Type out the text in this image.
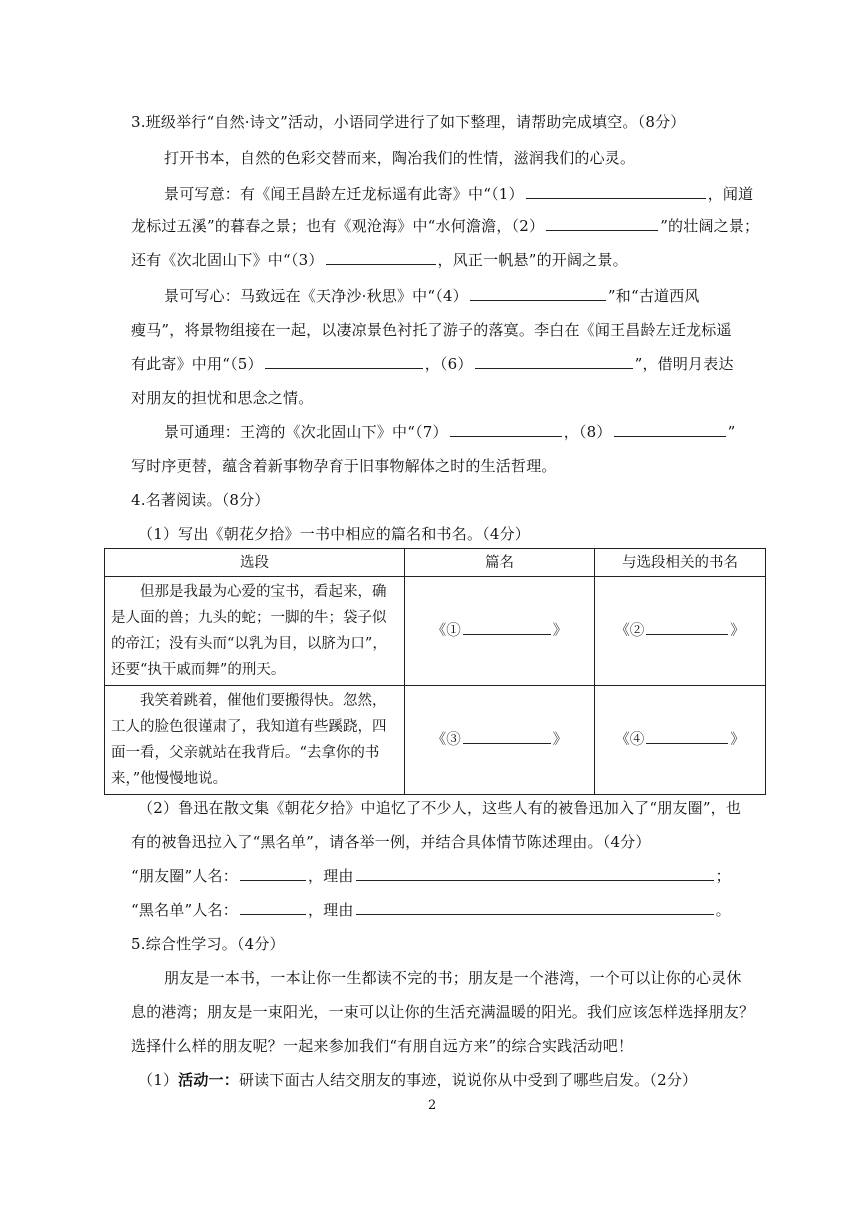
3.班级举行“自然·诗文”活动，小语同学进行了如下整理，请帮助完成填空。（8分）
打开书本，自然的色彩交替而来，陶冶我们的性情，滋润我们的心灵。
景可写意：有《闻王昌龄左迁龙标遥有此寄》中“（1）	，闻道
龙标过五溪”的暮春之景；也有《观沧海》中“水何澹澹，（2）	”的壮阔之景；
还有《次北固山下》中“（3）	，风正一帆悬”的开阔之景。
景可写心：马致远在《天净沙·秋思》中“（4）	”和“古道西风
瘦马”，将景物组接在一起，以凄凉景色衬托了游子的落寞。李白在《闻王昌龄左迁龙标遥
有此寄》中用“（5）	，（6）	”，借明月表达
对朋友的担忧和思念之情。
景可通理：王湾的《次北固山下》中“（7）	，（8）	”
写时序更替，蕴含着新事物孕育于旧事物解体之时的生活哲理。
4.名著阅读。（8分）
（1）写出《朝花夕拾》一书中相应的篇名和书名。（4分）
选段	篇名	与选段相关的书名

　　但那是我最为心爱的宝书，看起来，确
是人面的兽；九头的蛇；一脚的牛；袋子似
的帝江；没有头而“以乳为目，以脐为口”，
还要“执干戚而舞”的刑天。	《① 》	《② 》

　　我笑着跳着，催他们要搬得快。忽然，
工人的脸色很谨肃了，我知道有些蹊跷，四
面一看，父亲就站在我背后。“去拿你的书
来，”他慢慢地说。	《③ 》	《④ 》
（2）鲁迅在散文集《朝花夕拾》中追忆了不少人，这些人有的被鲁迅加入了“朋友圈”，也
有的被鲁迅拉入了“黑名单”，请各举一例，并结合具体情节陈述理由。（4分）
“朋友圈”人名：	，理由	；
“黑名单”人名：	，理由	。
5.综合性学习。（4分）
朋友是一本书，一本让你一生都读不完的书；朋友是一个港湾，一个可以让你的心灵休
息的港湾；朋友是一束阳光，一束可以让你的生活充满温暖的阳光。我们应该怎样选择朋友？
选择什么样的朋友呢？一起来参加我们“有朋自远方来”的综合实践活动吧！
（1）活动一：研读下面古人结交朋友的事迹，说说你从中受到了哪些启发。（2分）
2
